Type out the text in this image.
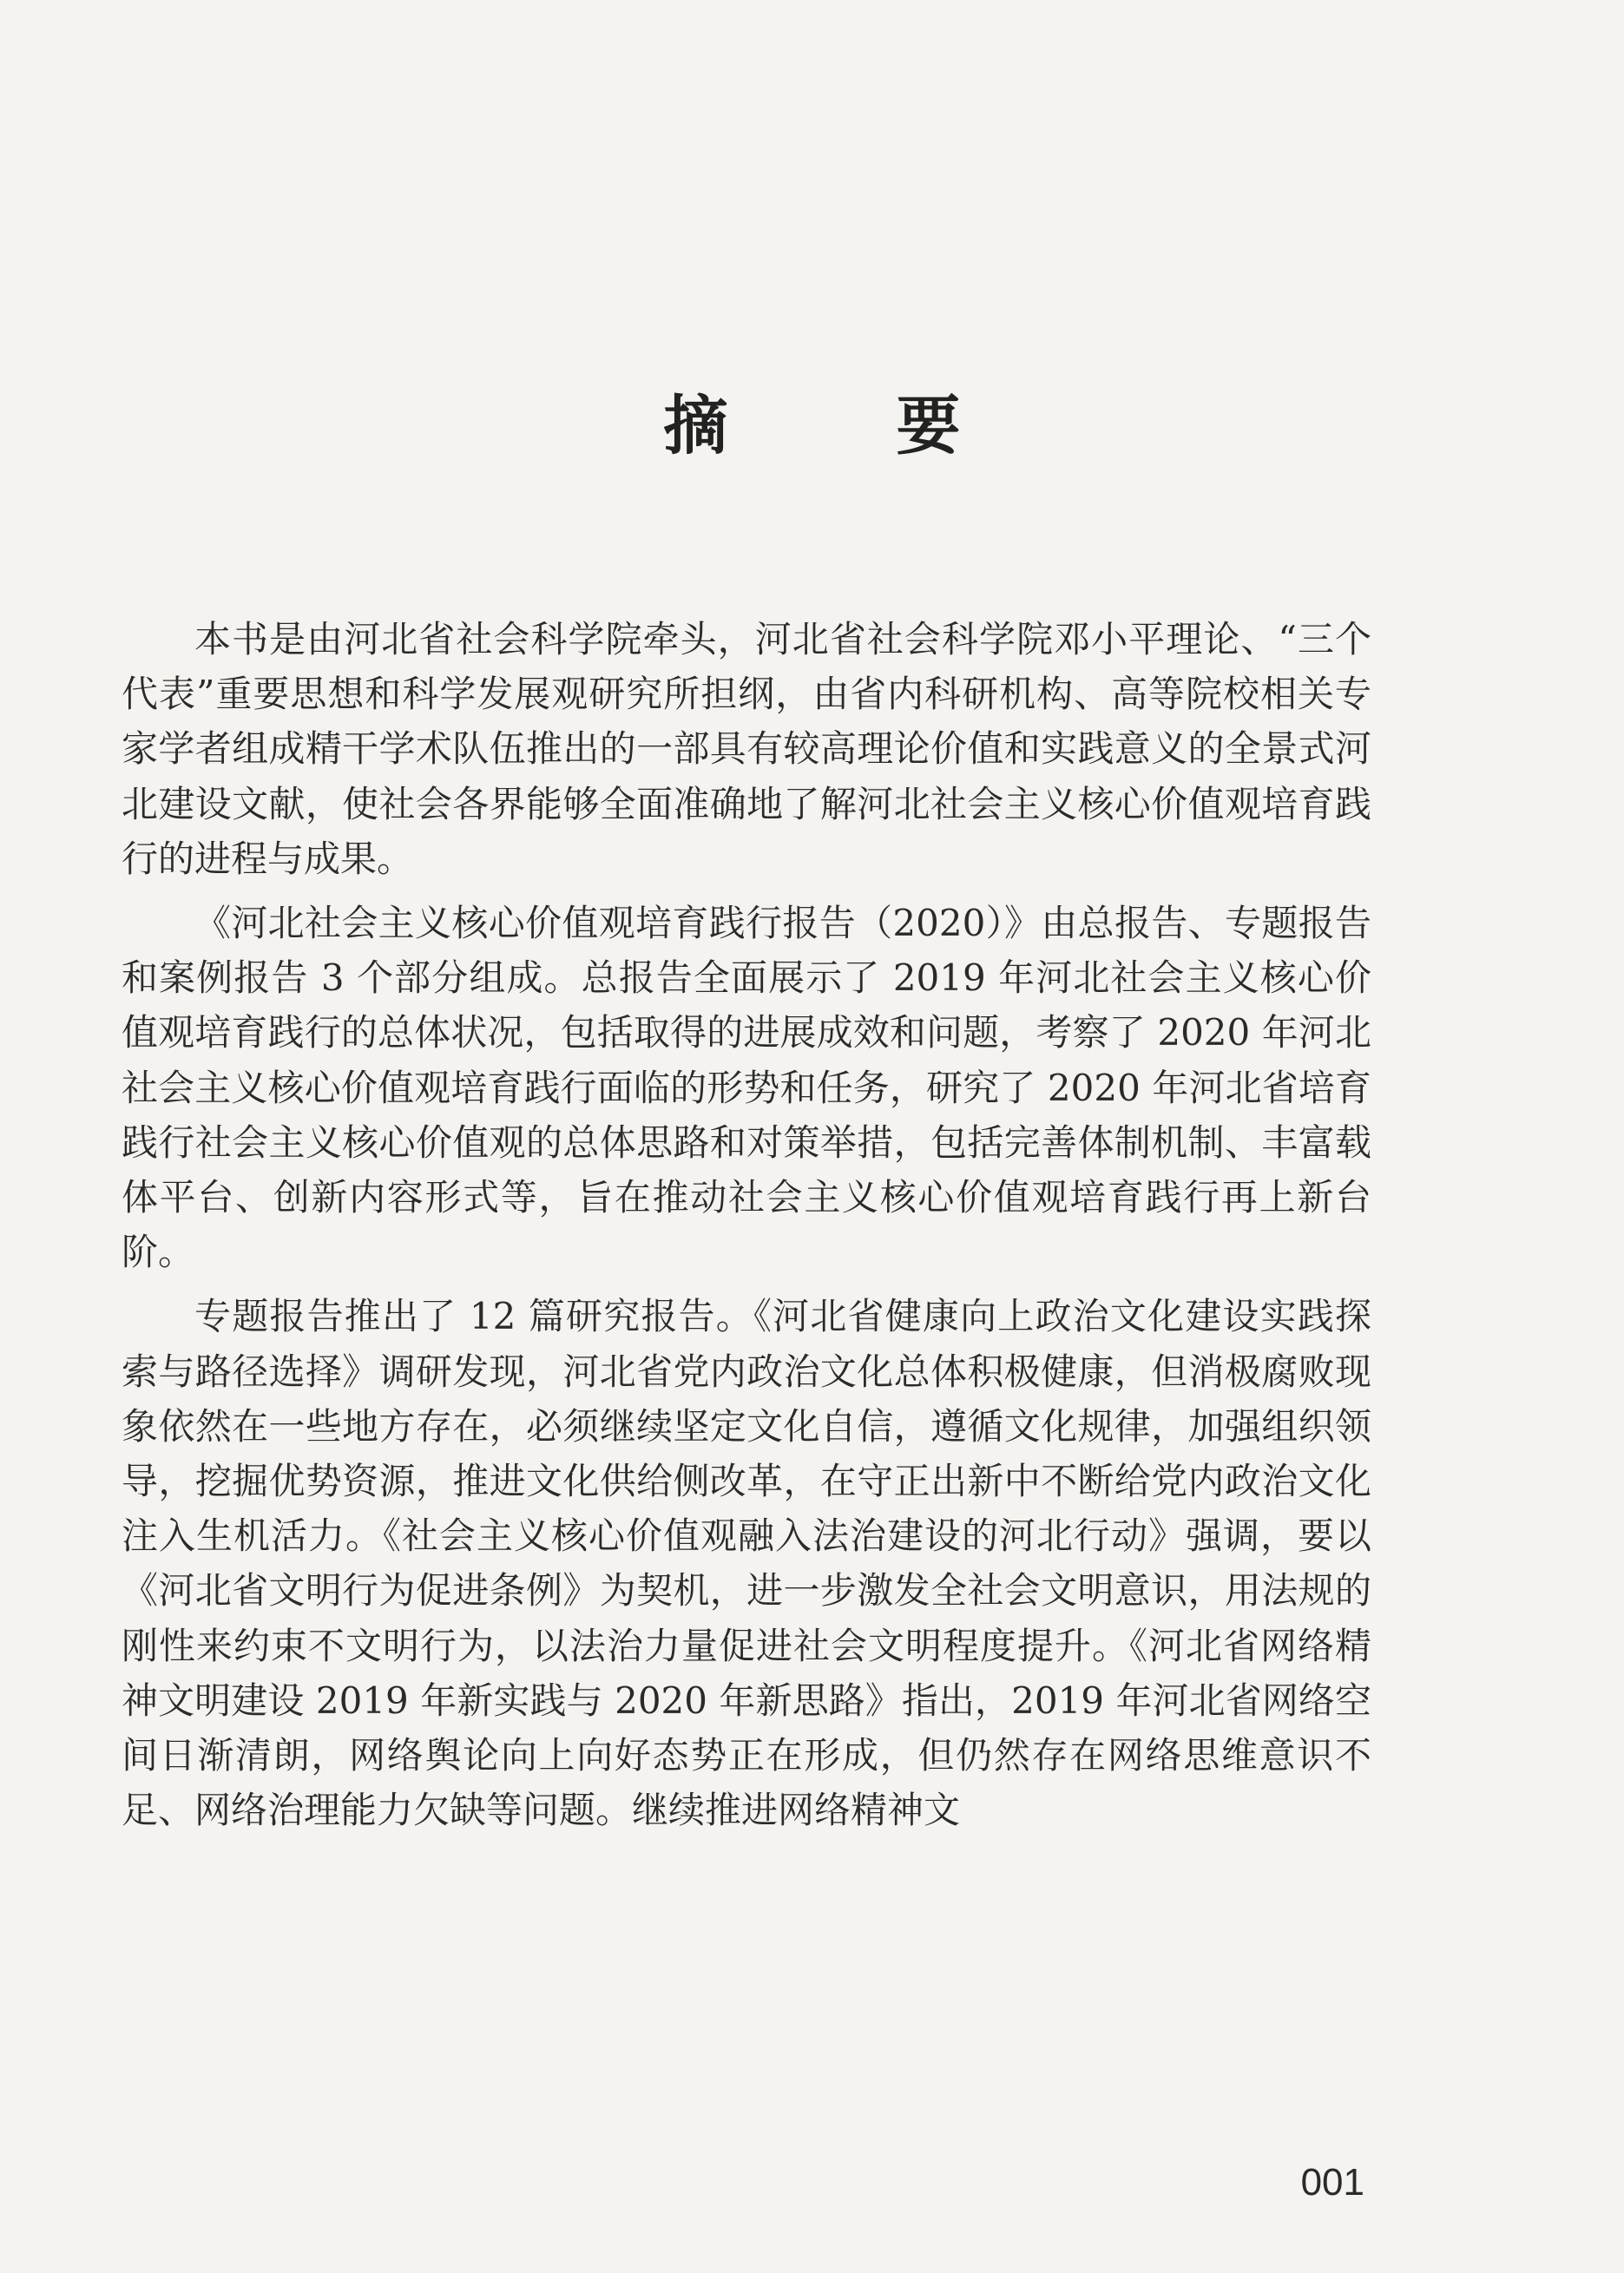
摘　要

本书是由河北省社会科学院牵头，河北省社会科学院邓小平理论、“三个代表”重要思想和科学发展观研究所担纲，由省内科研机构、高等院校相关专家学者组成精干学术队伍推出的一部具有较高理论价值和实践意义的全景式河北建设文献，使社会各界能够全面准确地了解河北社会主义核心价值观培育践行的进程与成果。

《河北社会主义核心价值观培育践行报告（2020）》由总报告、专题报告和案例报告 3 个部分组成。总报告全面展示了 2019 年河北社会主义核心价值观培育践行的总体状况，包括取得的进展成效和问题，考察了 2020 年河北社会主义核心价值观培育践行面临的形势和任务，研究了 2020 年河北省培育践行社会主义核心价值观的总体思路和对策举措，包括完善体制机制、丰富载体平台、创新内容形式等，旨在推动社会主义核心价值观培育践行再上新台阶。

专题报告推出了 12 篇研究报告。《河北省健康向上政治文化建设实践探索与路径选择》调研发现，河北省党内政治文化总体积极健康，但消极腐败现象依然在一些地方存在，必须继续坚定文化自信，遵循文化规律，加强组织领导，挖掘优势资源，推进文化供给侧改革，在守正出新中不断给党内政治文化注入生机活力。《社会主义核心价值观融入法治建设的河北行动》强调，要以《河北省文明行为促进条例》为契机，进一步激发全社会文明意识，用法规的刚性来约束不文明行为，以法治力量促进社会文明程度提升。《河北省网络精神文明建设 2019 年新实践与 2020 年新思路》指出，2019 年河北省网络空间日渐清朗，网络舆论向上向好态势正在形成，但仍然存在网络思维意识不足、网络治理能力欠缺等问题。继续推进网络精神文

001
